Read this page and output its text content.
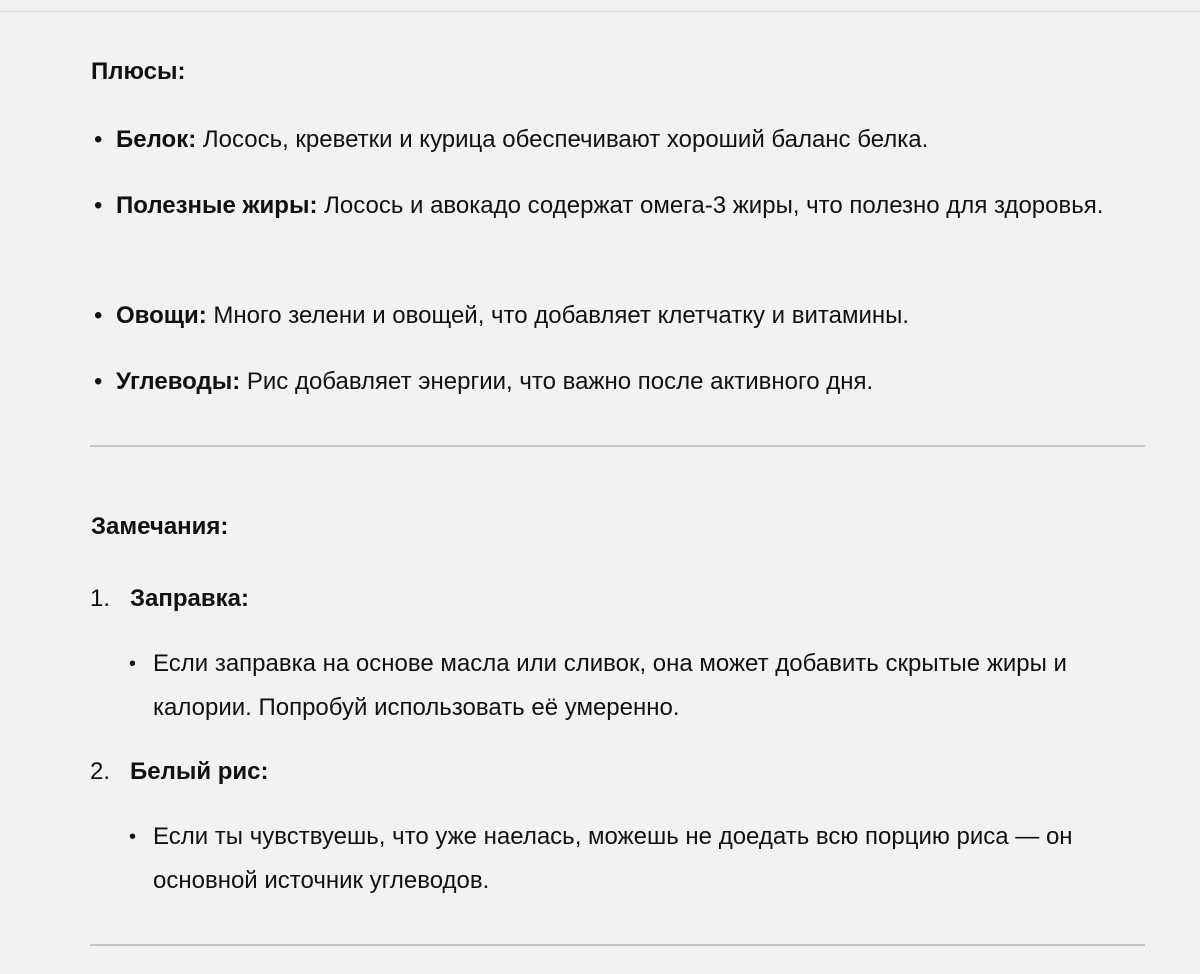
Плюсы:
• Белок: Лосось, креветки и курица обеспечивают хороший баланс белка.
• Полезные жиры: Лосось и авокадо содержат омега-3 жиры, что полезно для здоровья.
• Овощи: Много зелени и овощей, что добавляет клетчатку и витамины.
• Углеводы: Рис добавляет энергии, что важно после активного дня.
Замечания:
1. Заправка:
• Если заправка на основе масла или сливок, она может добавить скрытые жиры и калории. Попробуй использовать её умеренно.
2. Белый рис:
• Если ты чувствуешь, что уже наелась, можешь не доедать всю порцию риса — он основной источник углеводов.
